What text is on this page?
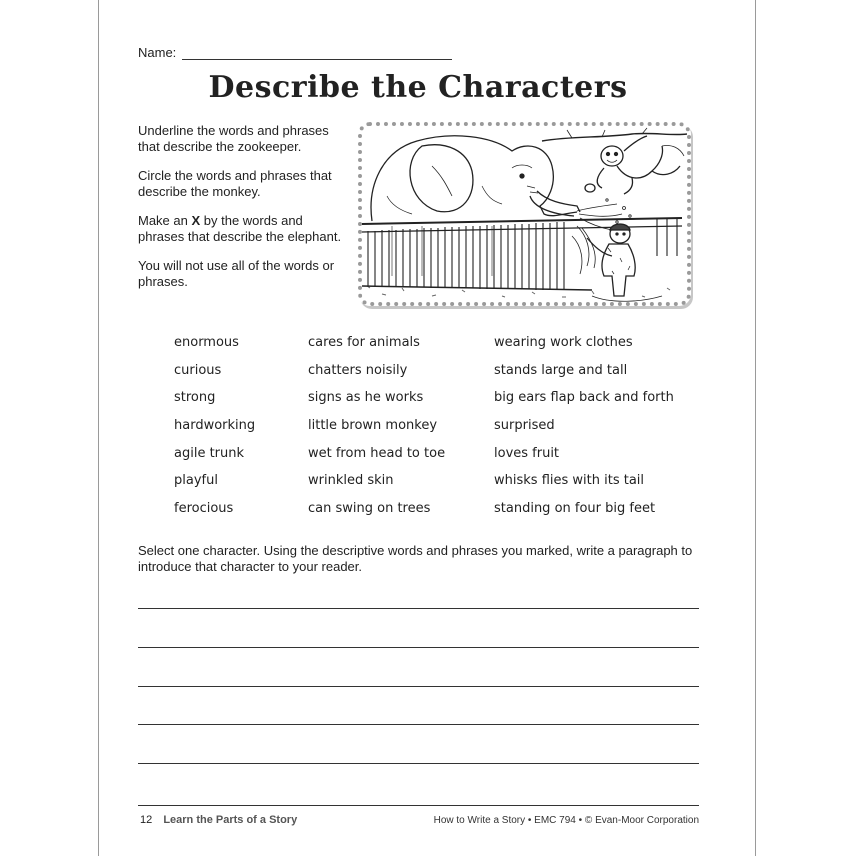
Name:
Describe the Characters

Underline the words and phrases that describe the zookeeper.

Circle the words and phrases that describe the monkey.

Make an X by the words and phrases that describe the elephant.

You will not use all of the words or phrases.

enormous
curious
strong
hardworking
agile trunk
playful
ferocious
cares for animals
chatters noisily
signs as he works
little brown monkey
wet from head to toe
wrinkled skin
can swing on trees
wearing work clothes
stands large and tall
big ears flap back and forth
surprised
loves fruit
whisks flies with its tail
standing on four big feet
Select one character. Using the descriptive words and phrases you marked, write a paragraph to introduce that character to your reader.
12 Learn the Parts of a Story	How to Write a Story • EMC 794 • © Evan-Moor Corporation
